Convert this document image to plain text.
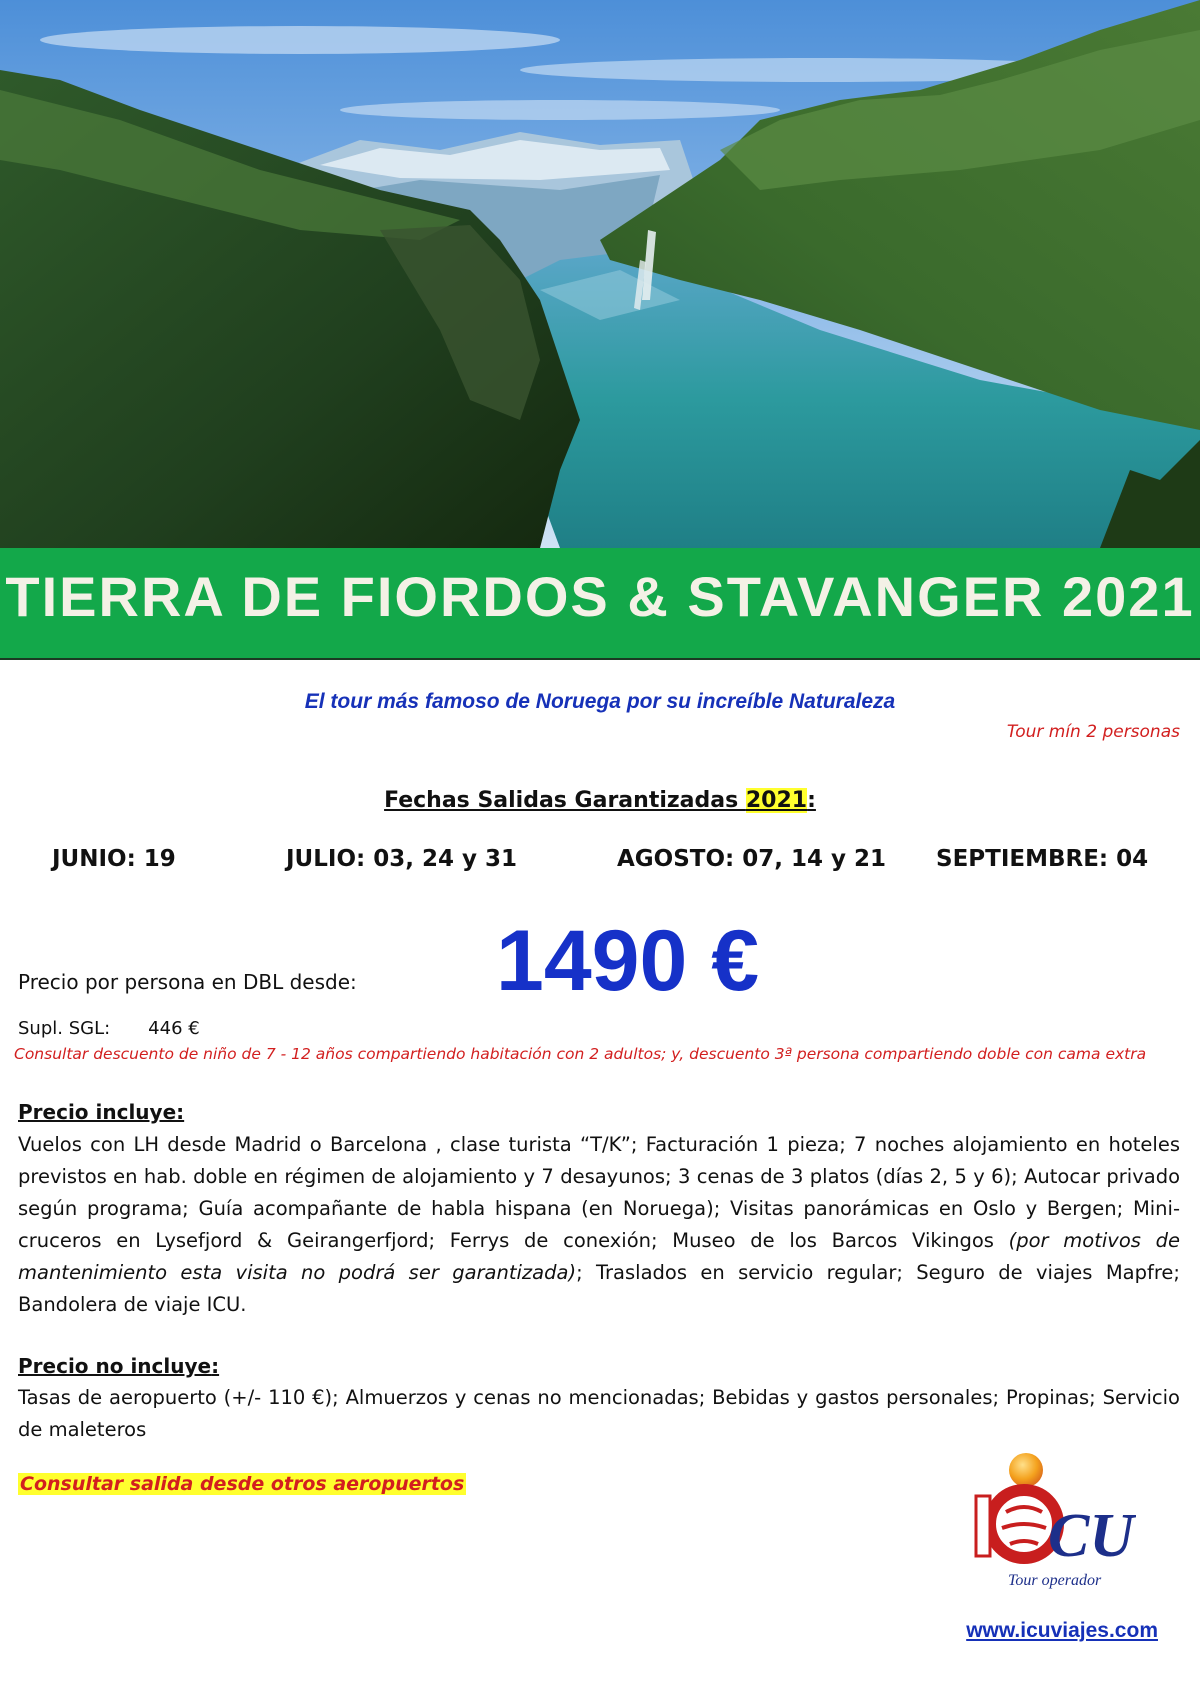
TIERRA DE FIORDOS & STAVANGER 2021
El tour más famoso de Noruega por su increíble Naturaleza
Tour mín 2 personas
Fechas Salidas Garantizadas 2021:
JUNIO: 19	JULIO: 03, 24 y 31	AGOSTO: 07, 14 y 21 SEPTIEMBRE: 04
Precio por persona en DBL desde: 1490 €
Supl. SGL: 446 €
Consultar descuento de niño de 7 - 12 años compartiendo habitación con 2 adultos; y, descuento 3ª persona compartiendo doble con cama extra
Precio incluye:
Vuelos con LH desde Madrid o Barcelona , clase turista “T/K”; Facturación 1 pieza; 7 noches alojamiento en hoteles previstos en hab. doble en régimen de alojamiento y 7 desayunos; 3 cenas de 3 platos (días 2, 5 y 6); Autocar privado según programa; Guía acompañante de habla hispana (en Noruega); Visitas panorámicas en Oslo y Bergen; Mini-cruceros en Lysefjord & Geirangerfjord; Ferrys de conexión; Museo de los Barcos Vikingos (por motivos de mantenimiento esta visita no podrá ser garantizada); Traslados en servicio regular; Seguro de viajes Mapfre; Bandolera de viaje ICU.
Precio no incluye:
Tasas de aeropuerto (+/- 110 €); Almuerzos y cenas no mencionadas; Bebidas y gastos personales; Propinas; Servicio de maleteros
Consultar salida desde otros aeropuertos
CU
Tour operador
www.icuviajes.com
